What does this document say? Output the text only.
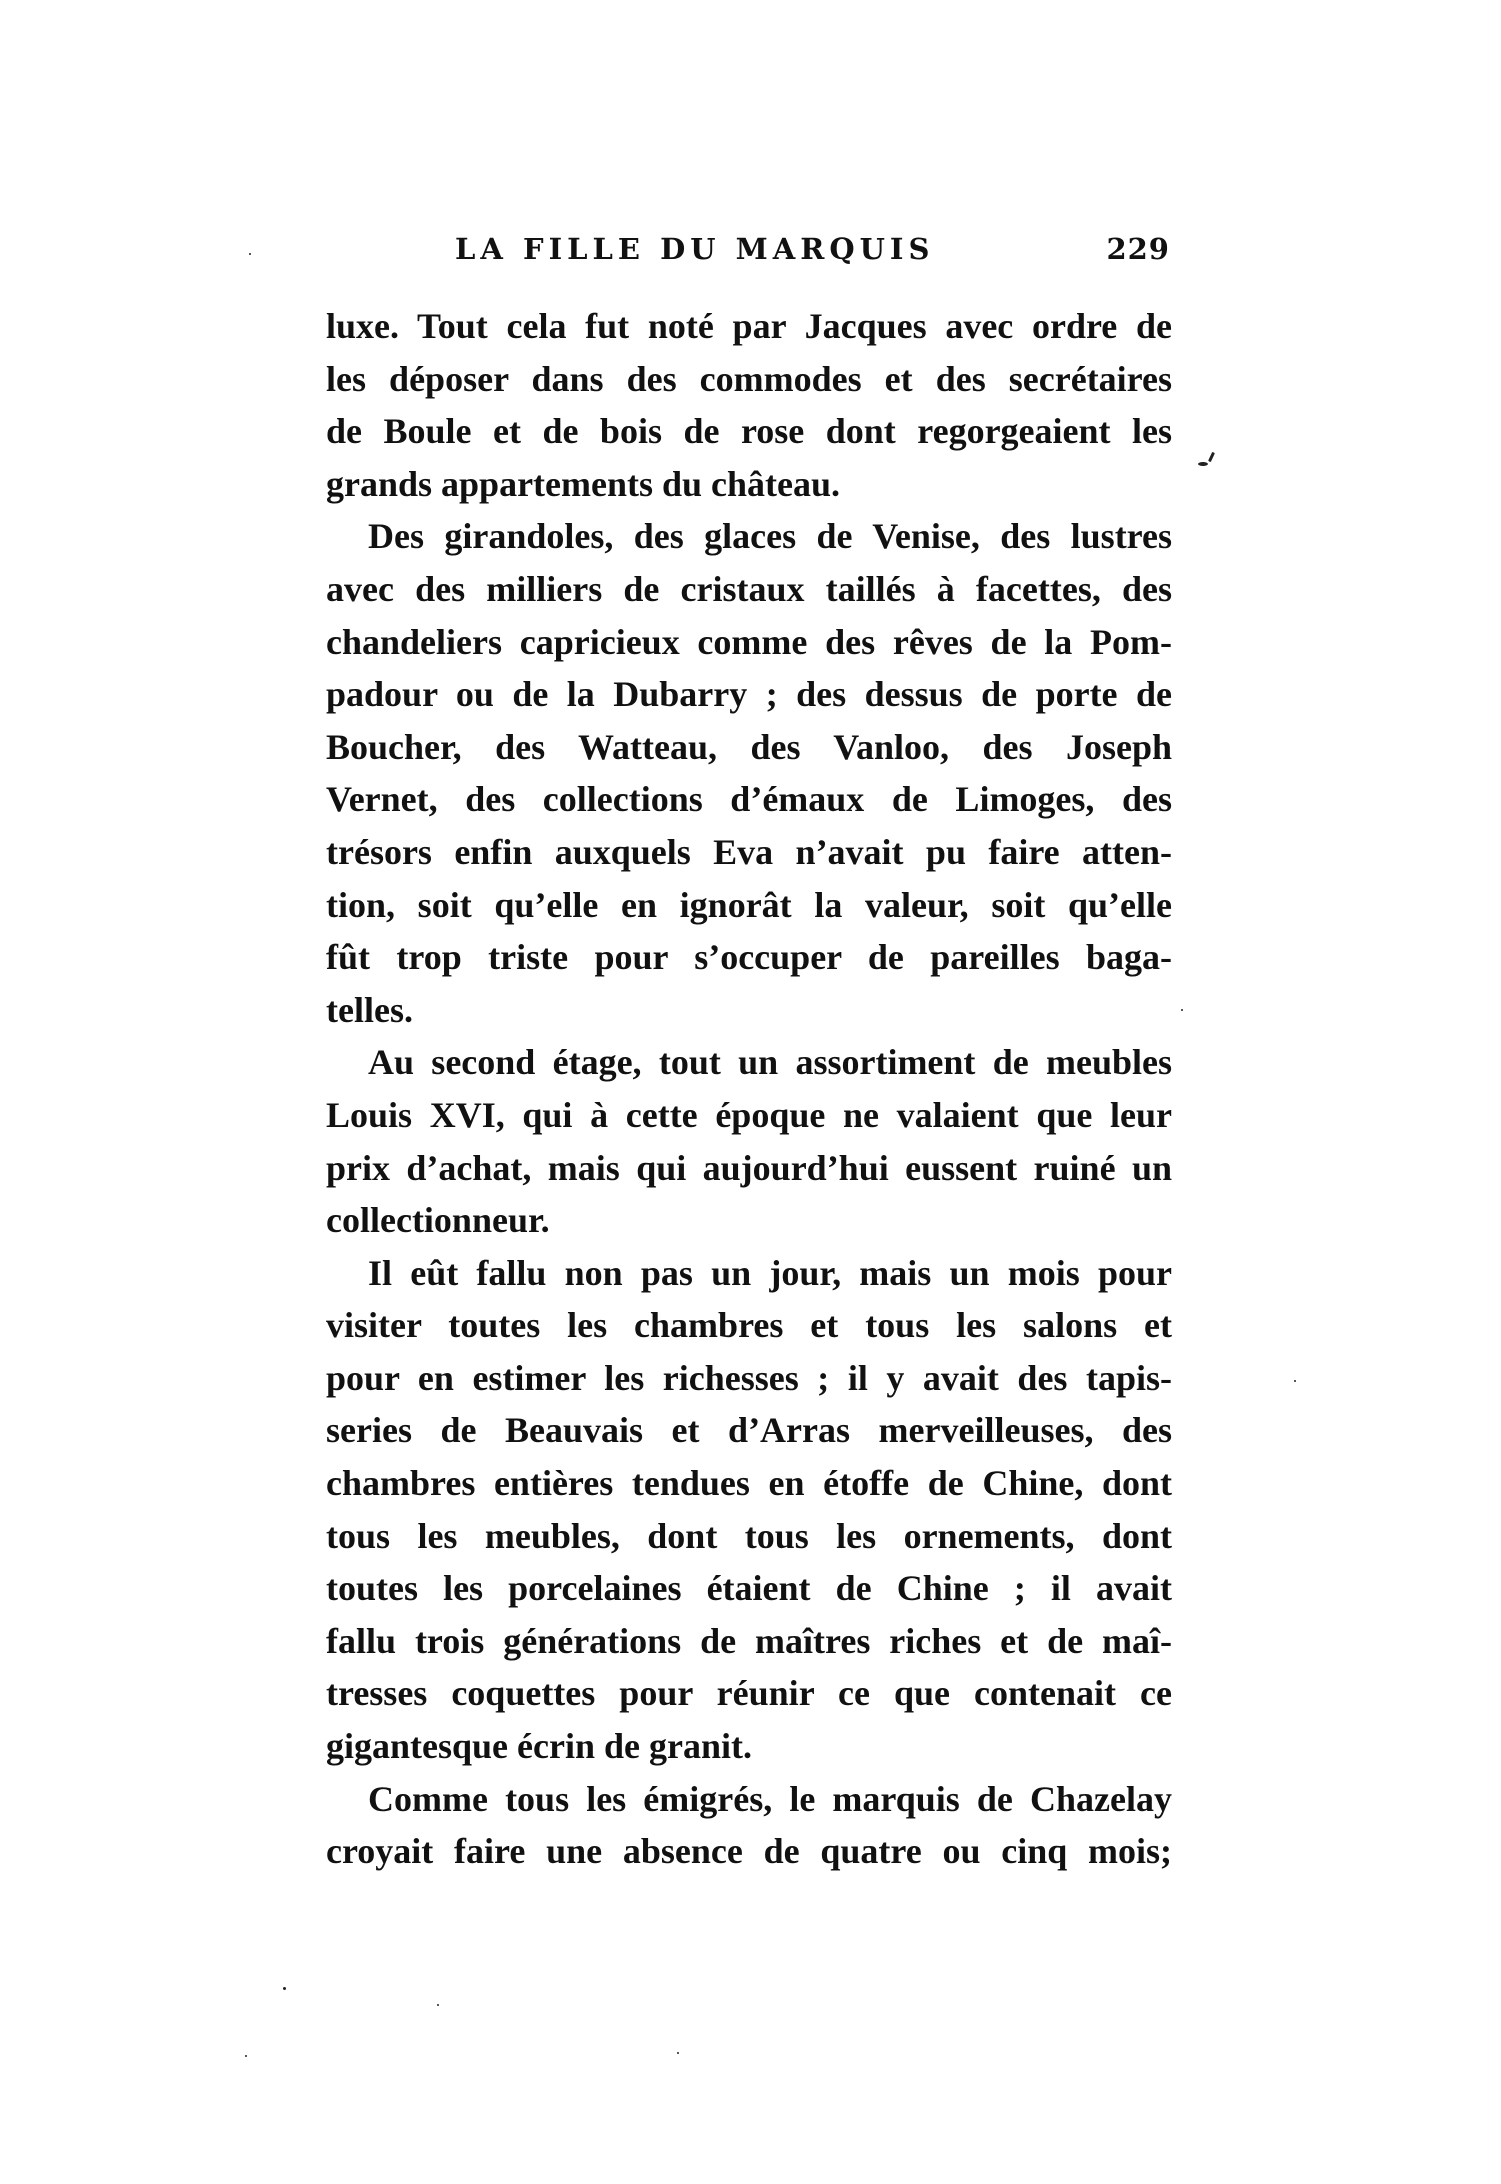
LA FILLE DU MARQUIS	229

luxe. Tout cela fut noté par Jacques avec ordre de
les déposer dans des commodes et des secrétaires
de Boule et de bois de rose dont regorgeaient les
grands appartements du château.

Des girandoles, des glaces de Venise, des lustres
avec des milliers de cristaux taillés à facettes, des
chandeliers capricieux comme des rêves de la Pom-
padour ou de la Dubarry ; des dessus de porte de
Boucher, des Watteau, des Vanloo, des Joseph
Vernet, des collections d’émaux de Limoges, des
trésors enfin auxquels Eva n’avait pu faire atten-
tion, soit qu’elle en ignorât la valeur, soit qu’elle
fût trop triste pour s’occuper de pareilles baga-
telles.

Au second étage, tout un assortiment de meubles
Louis XVI, qui à cette époque ne valaient que leur
prix d’achat, mais qui aujourd’hui eussent ruiné un
collectionneur.

Il eût fallu non pas un jour, mais un mois pour
visiter toutes les chambres et tous les salons et
pour en estimer les richesses ; il y avait des tapis-
series de Beauvais et d’Arras merveilleuses, des
chambres entières tendues en étoffe de Chine, dont
tous les meubles, dont tous les ornements, dont
toutes les porcelaines étaient de Chine ; il avait
fallu trois générations de maîtres riches et de maî-
tresses coquettes pour réunir ce que contenait ce
gigantesque écrin de granit.

Comme tous les émigrés, le marquis de Chazelay
croyait faire une absence de quatre ou cinq mois;
